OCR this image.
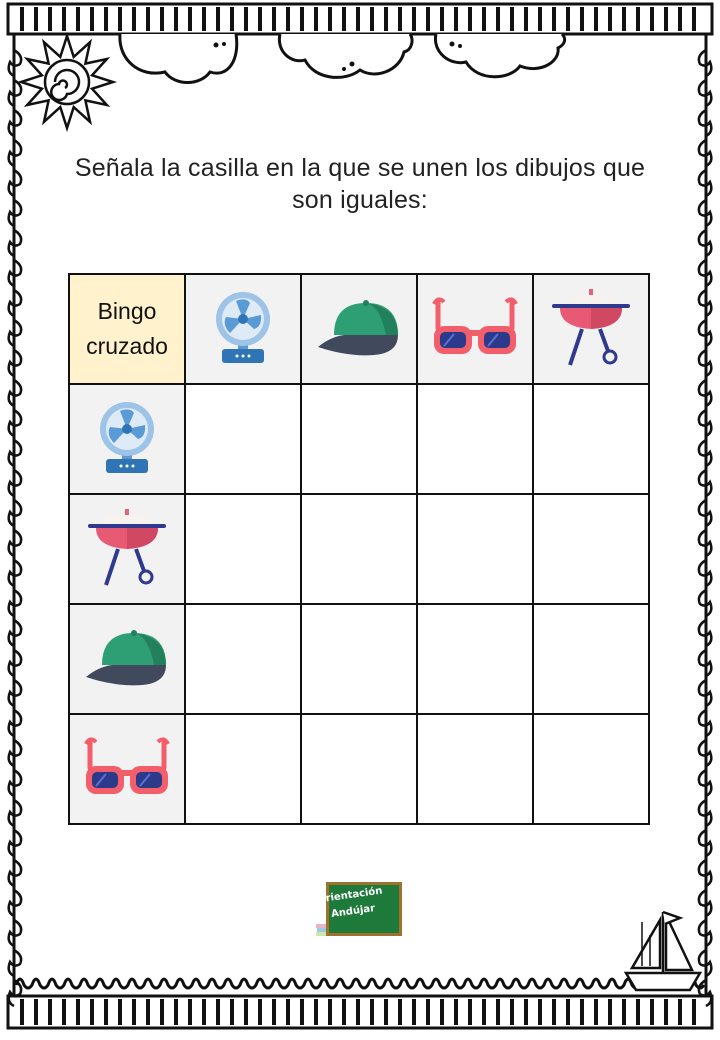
Señala la casilla en la que se unen los dibujos que son iguales:
Bingo
cruzado	

Orientación
Andújar
